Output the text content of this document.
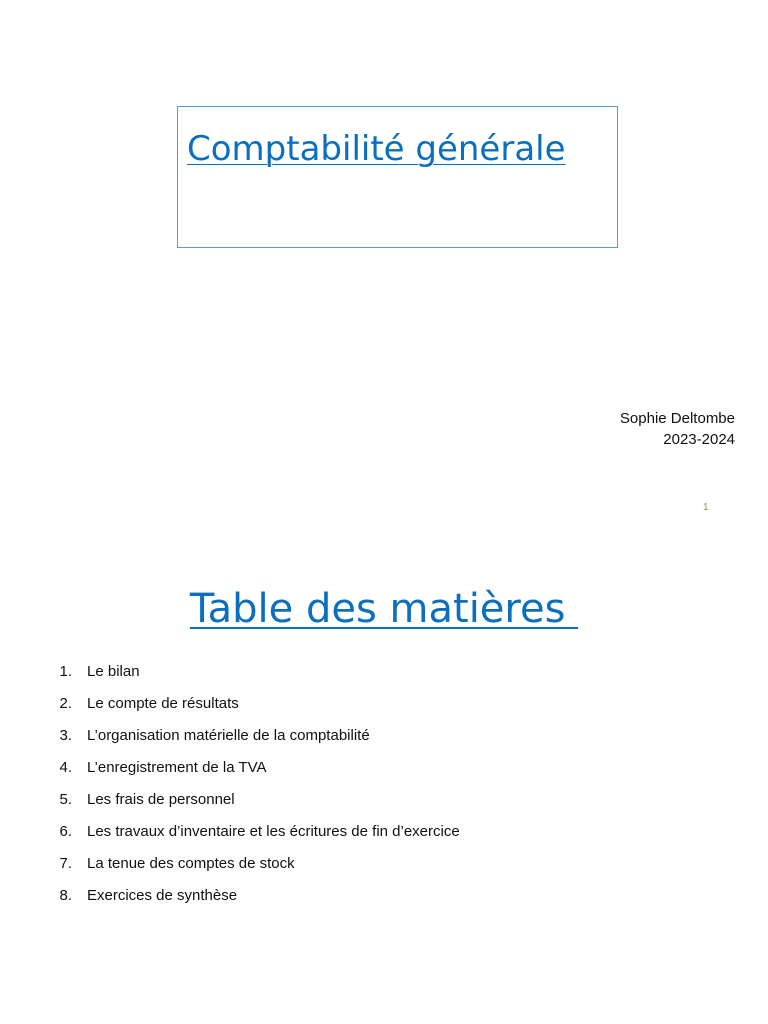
Comptabilité générale
Sophie Deltombe
2023-2024
1
Table des matières
1 . Le bilan
2 . Le compte de résultats
3 . L’organisation matérielle de la comptabilité
4 . L’enregistrement de la TVA
5 . Les frais de personnel
6 . Les travaux d’inventaire et les écritures de fin d’exercice
7 . La tenue des comptes de stock
8 . Exercices de synthèse
